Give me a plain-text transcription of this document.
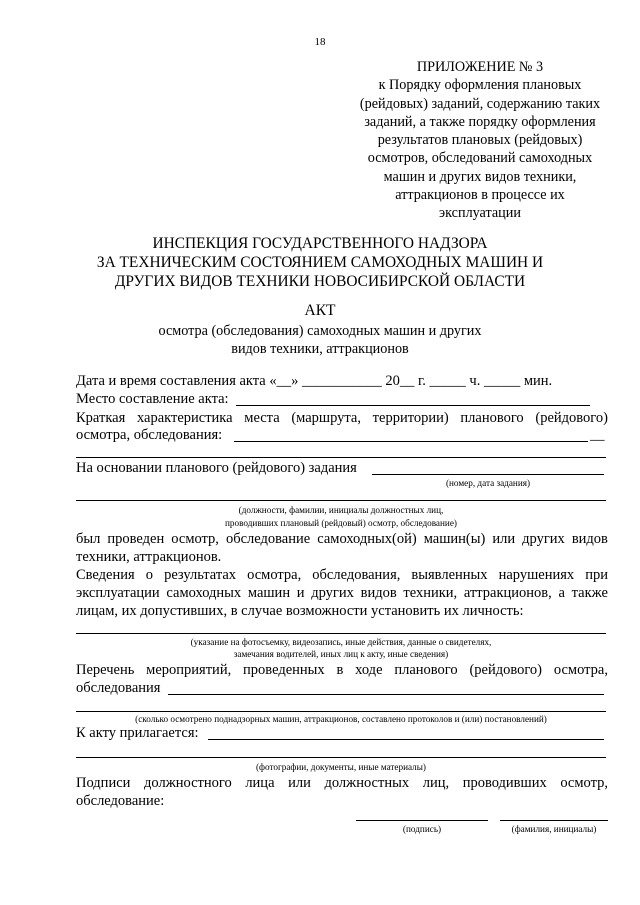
18
ПРИЛОЖЕНИЕ № 3
к Порядку оформления плановых
(рейдовых) заданий, содержанию таких
заданий, а также порядку оформления
результатов плановых (рейдовых)
осмотров, обследований самоходных
машин и других видов техники,
аттракционов в процессе их
эксплуатации
ИНСПЕКЦИЯ ГОСУДАРСТВЕННОГО НАДЗОРА
ЗА ТЕХНИЧЕСКИМ СОСТОЯНИЕМ САМОХОДНЫХ МАШИН И
ДРУГИХ ВИДОВ ТЕХНИКИ НОВОСИБИРСКОЙ ОБЛАСТИ
АКТ
осмотра (обследования) самоходных машин и других
видов техники, аттракционов
Дата и время составления акта «__» ___________ 20__ г. _____ ч. _____ мин.
Место составление акта:
Краткая характеристика места (маршрута, территории) планового (рейдового)
осмотра, обследования:	__
На основании планового (рейдового) задания
(номер, дата задания)
(должности, фамилии, инициалы должностных лиц,
проводивших плановый (рейдовый) осмотр, обследование)
был проведен осмотр, обследование самоходных(ой) машин(ы) или других видов
техники, аттракционов.
Сведения о результатах осмотра, обследования, выявленных нарушениях при
эксплуатации самоходных машин и других видов техники, аттракционов, а также
лицам, их допустивших, в случае возможности установить их личность:
(указание на фотосъемку, видеозапись, иные действия, данные о свидетелях,
замечания водителей, иных лиц к акту, иные сведения)
Перечень мероприятий, проведенных в ходе планового (рейдового) осмотра,
обследования
(сколько осмотрено поднадзорных машин, аттракционов, составлено протоколов и (или) постановлений)
К акту прилагается:
(фотографии, документы, иные материалы)
Подписи должностного лица или должностных лиц, проводивших осмотр,
обследование:
(подпись)	(фамилия, инициалы)
